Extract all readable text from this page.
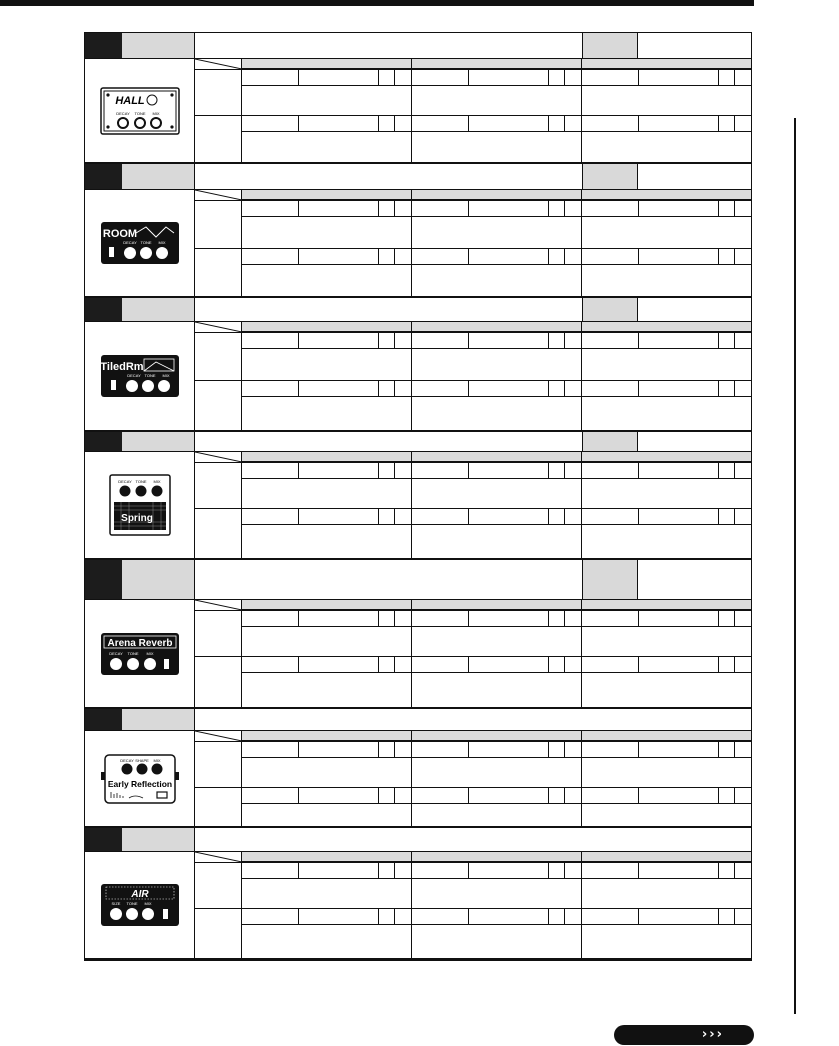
HALL
DECAY TONE MIX
ROOM
DECAY TONE MIX
TiledRm
DECAY TONE MIX
DECAY TONE MIX
Spring
Arena Reverb
DECAY TONE MIX
DECAY SHAPE MIX
Early Reflection
AIR
SIZE TONE MIX
›››
